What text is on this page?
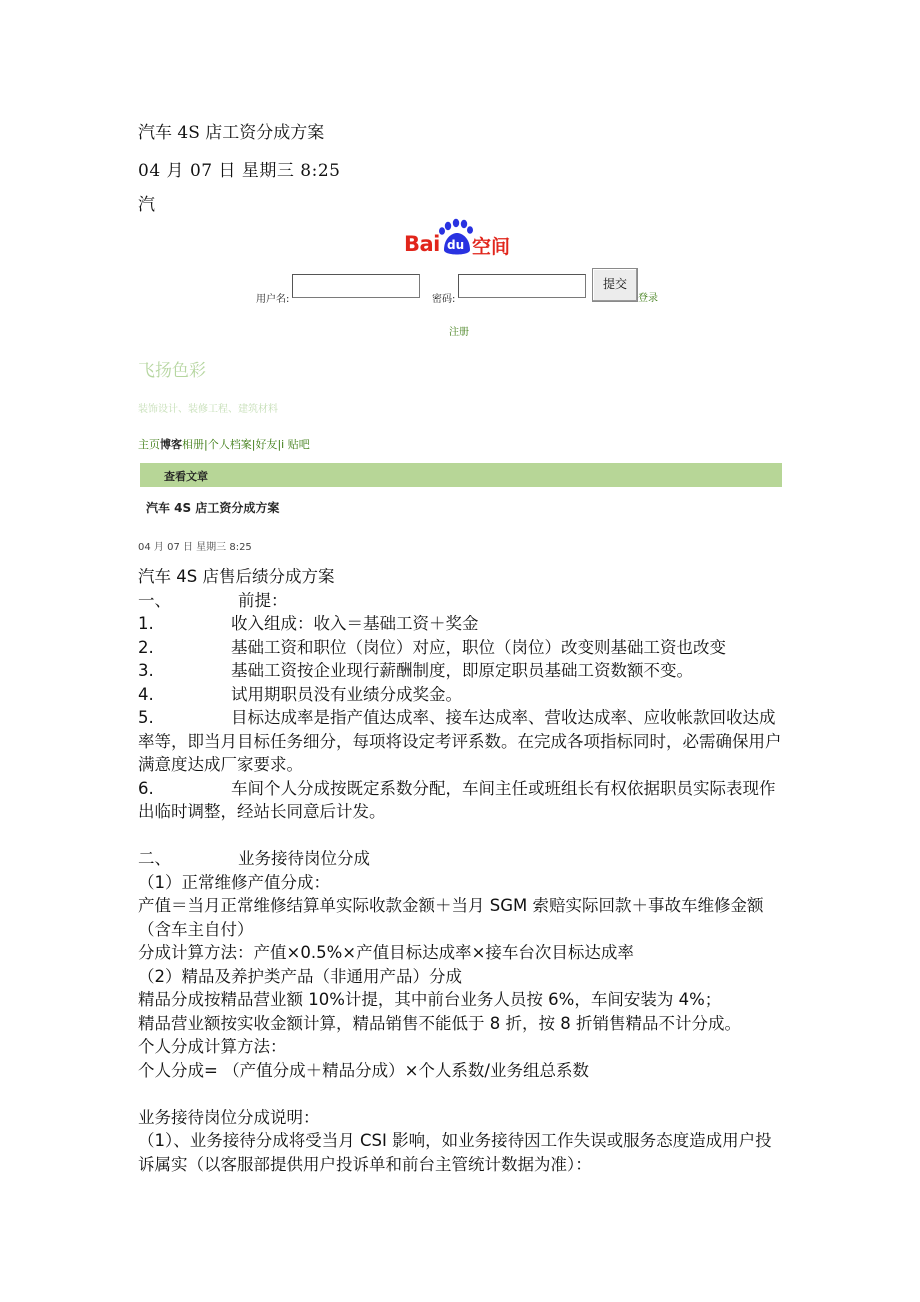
汽车 4S 店工资分成方案
04 月 07 日 星期三 8:25
汽
Bai du 空间
用户名:	密码:
提交
登录
注册
飞扬色彩
装饰设计、装修工程、建筑材料
主页博客相册|个人档案|好友|i 贴吧
查看文章
汽车 4S 店工资分成方案
04 月 07 日 星期三 8:25

汽车 4S 店售后绩分成方案

一、	前提：

1.	收入组成：收入＝基础工资＋奖金

2.	基础工资和职位（岗位）对应，职位（岗位）改变则基础工资也改变

3.	基础工资按企业现行薪酬制度，即原定职员基础工资数额不变。

4.	试用期职员没有业绩分成奖金。

5.	目标达成率是指产值达成率、接车达成率、营收达成率、应收帐款回收达成率等，即当月目标任务细分，每项将设定考评系数。在完成各项指标同时，必需确保用户满意度达成厂家要求。

6.	车间个人分成按既定系数分配，车间主任或班组长有权依据职员实际表现作出临时调整，经站长同意后计发。

二、	业务接待岗位分成

（1）正常维修产值分成：

产值＝当月正常维修结算单实际收款金额＋当月 SGM 索赔实际回款＋事故车维修金额（含车主自付）

分成计算方法：产值×0.5%×产值目标达成率×接车台次目标达成率

（2）精品及养护类产品（非通用产品）分成

精品分成按精品营业额 10%计提，其中前台业务人员按 6%，车间安装为 4%；

精品营业额按实收金额计算，精品销售不能低于 8 折，按 8 折销售精品不计分成。

个人分成计算方法：

个人分成= （产值分成＋精品分成）×个人系数/业务组总系数

业务接待岗位分成说明：

（1）、业务接待分成将受当月 CSI 影响，如业务接待因工作失误或服务态度造成用户投诉属实（以客服部提供用户投诉单和前台主管统计数据为准）：
